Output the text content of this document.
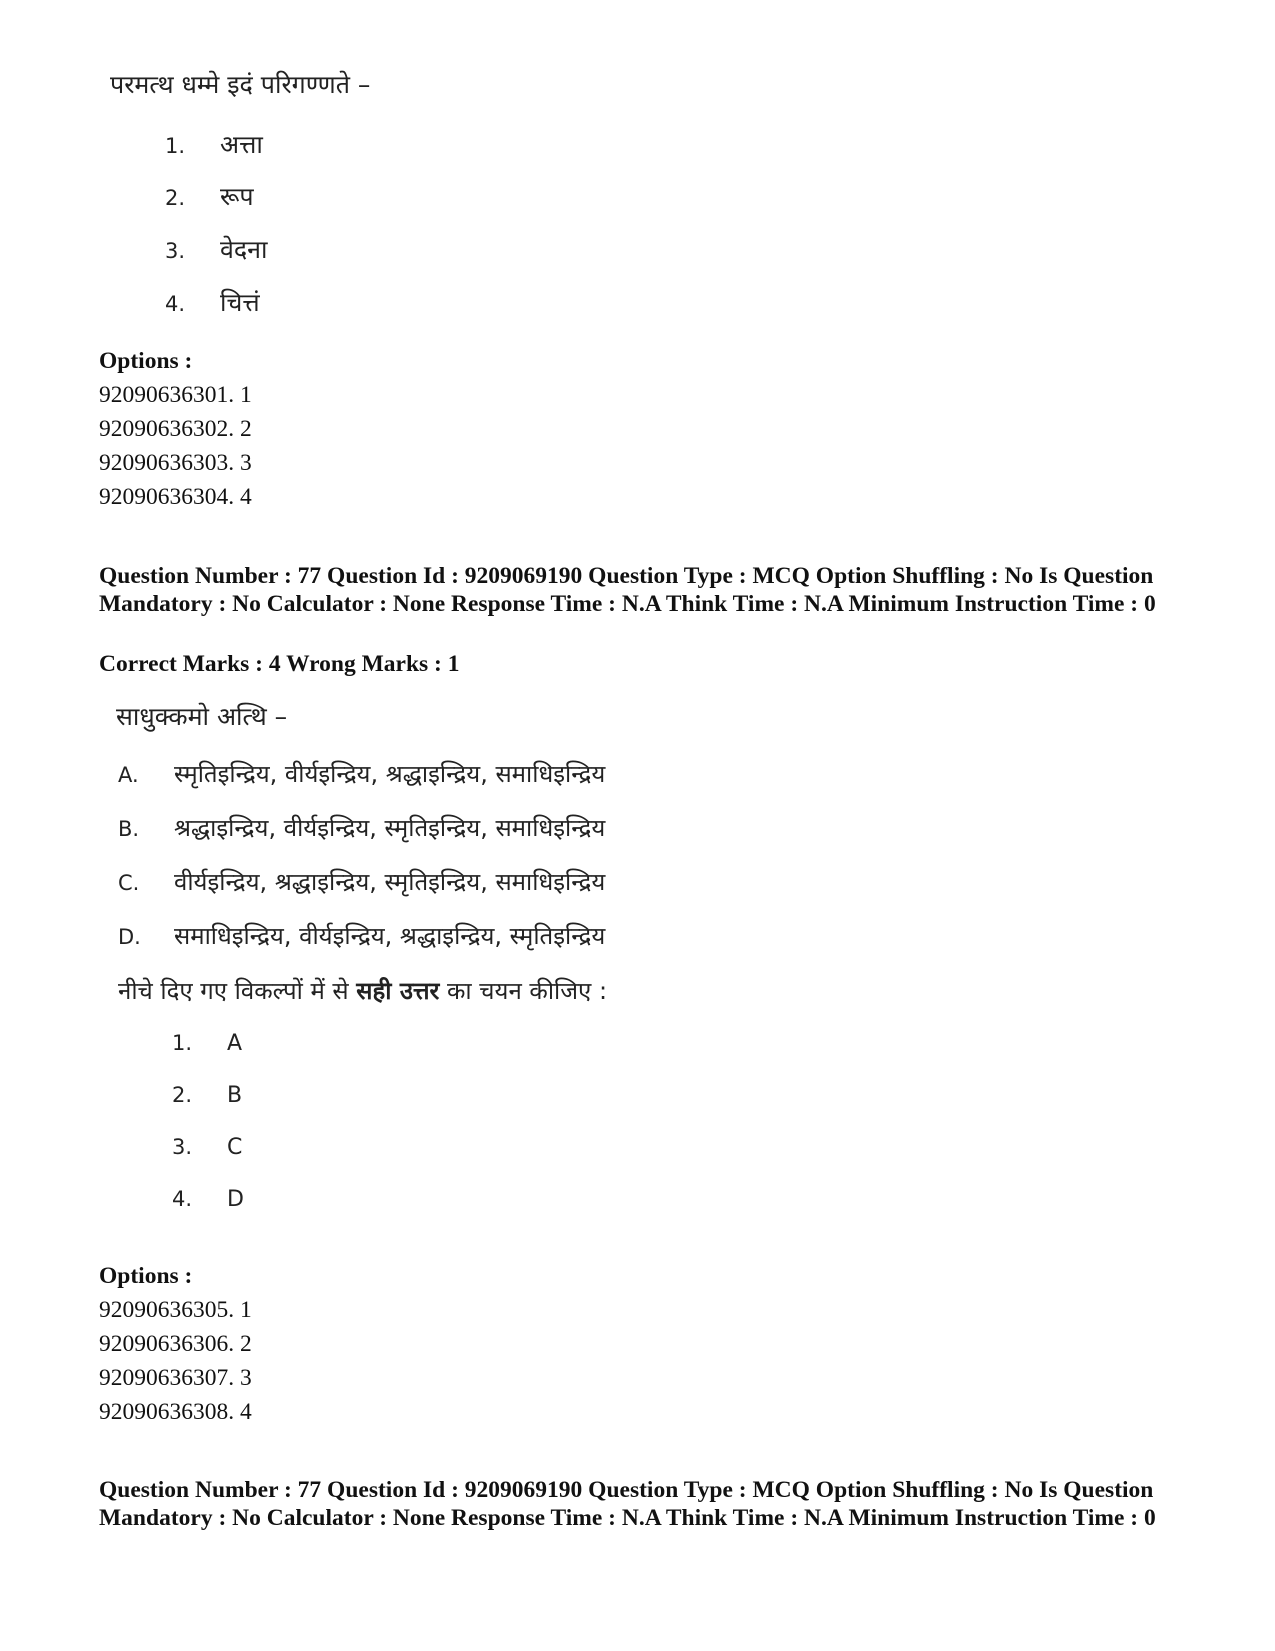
परमत्थ धम्मे इदं परिगण्णते –
1. अत्ता
2. रूप
3. वेदना
4. चित्तं
Options :
92090636301. 1
92090636302. 2
92090636303. 3
92090636304. 4
Question Number : 77 Question Id : 9209069190 Question Type : MCQ Option Shuffling : No Is Question Mandatory : No Calculator : None Response Time : N.A Think Time : N.A Minimum Instruction Time : 0
Correct Marks : 4 Wrong Marks : 1
साधुक्कमो अत्थि –
A. स्मृतिइन्द्रिय, वीर्यइन्द्रिय, श्रद्धाइन्द्रिय, समाधिइन्द्रिय
B. श्रद्धाइन्द्रिय, वीर्यइन्द्रिय, स्मृतिइन्द्रिय, समाधिइन्द्रिय
C. वीर्यइन्द्रिय, श्रद्धाइन्द्रिय, स्मृतिइन्द्रिय, समाधिइन्द्रिय
D. समाधिइन्द्रिय, वीर्यइन्द्रिय, श्रद्धाइन्द्रिय, स्मृतिइन्द्रिय
नीचे दिए गए विकल्पों में से सही उत्तर का चयन कीजिए :
1. A
2. B
3. C
4. D
Options :
92090636305. 1
92090636306. 2
92090636307. 3
92090636308. 4
Question Number : 77 Question Id : 9209069190 Question Type : MCQ Option Shuffling : No Is Question Mandatory : No Calculator : None Response Time : N.A Think Time : N.A Minimum Instruction Time : 0
